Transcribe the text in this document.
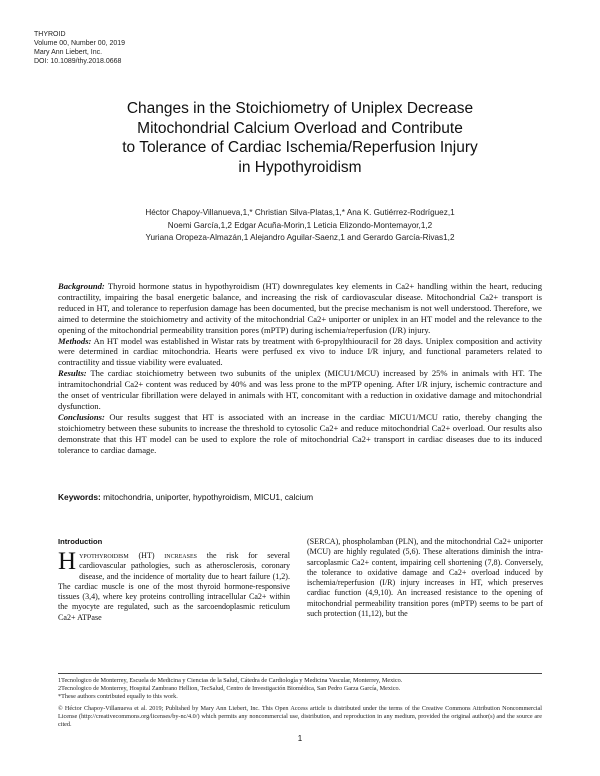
THYROID
Volume 00, Number 00, 2019
Mary Ann Liebert, Inc.
DOI: 10.1089/thy.2018.0668
Changes in the Stoichiometry of Uniplex Decrease
Mitochondrial Calcium Overload and Contribute
to Tolerance of Cardiac Ischemia/Reperfusion Injury
in Hypothyroidism
Héctor Chapoy-Villanueva,1,* Christian Silva-Platas,1,* Ana K. Gutiérrez-Rodríguez,1
Noemi García,1,2 Edgar Acuña-Morin,1 Leticia Elizondo-Montemayor,1,2
Yuriana Oropeza-Almazán,1 Alejandro Aguilar-Saenz,1 and Gerardo García-Rivas1,2

Background: Thyroid hormone status in hypothyroidism (HT) downregulates key elements in Ca2+ handling within the heart, reducing contractility, impairing the basal energetic balance, and increasing the risk of cardiovascular disease. Mitochondrial Ca2+ transport is reduced in HT, and tolerance to reperfusion damage has been documented, but the precise mechanism is not well understood. Therefore, we aimed to determine the stoichiometry and activity of the mitochondrial Ca2+ uniporter or uniplex in an HT model and the relevance to the opening of the mitochondrial permeability transition pores (mPTP) during ischemia/reperfusion (I/R) injury.

Methods: An HT model was established in Wistar rats by treatment with 6-propylthiouracil for 28 days. Uniplex composition and activity were determined in cardiac mitochondria. Hearts were perfused ex vivo to induce I/R injury, and functional parameters related to contractility and tissue viability were evaluated.

Results: The cardiac stoichiometry between two subunits of the uniplex (MICU1/MCU) increased by 25% in animals with HT. The intramitochondrial Ca2+ content was reduced by 40% and was less prone to the mPTP opening. After I/R injury, ischemic contracture and the onset of ventricular fibrillation were delayed in animals with HT, concomitant with a reduction in oxidative damage and mitochondrial dysfunction.

Conclusions: Our results suggest that HT is associated with an increase in the cardiac MICU1/MCU ratio, thereby changing the stoichiometry between these subunits to increase the threshold to cytosolic Ca2+ and reduce mitochondrial Ca2+ overload. Our results also demonstrate that this HT model can be used to explore the role of mitochondrial Ca2+ transport in cardiac diseases due to its induced tolerance to cardiac damage.

Keywords: mitochondria, uniporter, hypothyroidism, MICU1, calcium
Introduction
Hypothyroidism (HT) increases the risk for several cardiovascular pathologies, such as atherosclerosis, coronary disease, and the incidence of mortality due to heart failure (1,2). The cardiac muscle is one of the most thyroid hormone-responsive tissues (3,4), where key proteins controlling intracellular Ca2+ within the myocyte are regulated, such as the sarcoendoplasmic reticulum Ca2+ ATPase
(SERCA), phospholamban (PLN), and the mitochondrial Ca2+ uniporter (MCU) are highly regulated (5,6). These alterations diminish the intra-sarcoplasmic Ca2+ content, impairing cell shortening (7,8). Conversely, the tolerance to oxidative damage and Ca2+ overload induced by ischemia/reperfusion (I/R) injury increases in HT, which preserves cardiac function (4,9,10). An increased resistance to the opening of mitochondrial permeability transition pores (mPTP) seems to be part of such protection (11,12), but the

1Tecnologico de Monterrey, Escuela de Medicina y Ciencias de la Salud, Cátedra de Cardiología y Medicina Vascular, Monterrey, Mexico.

2Tecnologico de Monterrey, Hospital Zambrano Hellion, TecSalud, Centro de Investigación Biomédica, San Pedro Garza García, Mexico.

*These authors contributed equally to this work.

© Héctor Chapoy-Villanueva et al. 2019; Published by Mary Ann Liebert, Inc. This Open Access article is distributed under the terms of the Creative Commons Attribution Noncommercial License (http://creativecommons.org/licenses/by-nc/4.0/) which permits any noncommercial use, distribution, and reproduction in any medium, provided the original author(s) and the source are cited.

1
